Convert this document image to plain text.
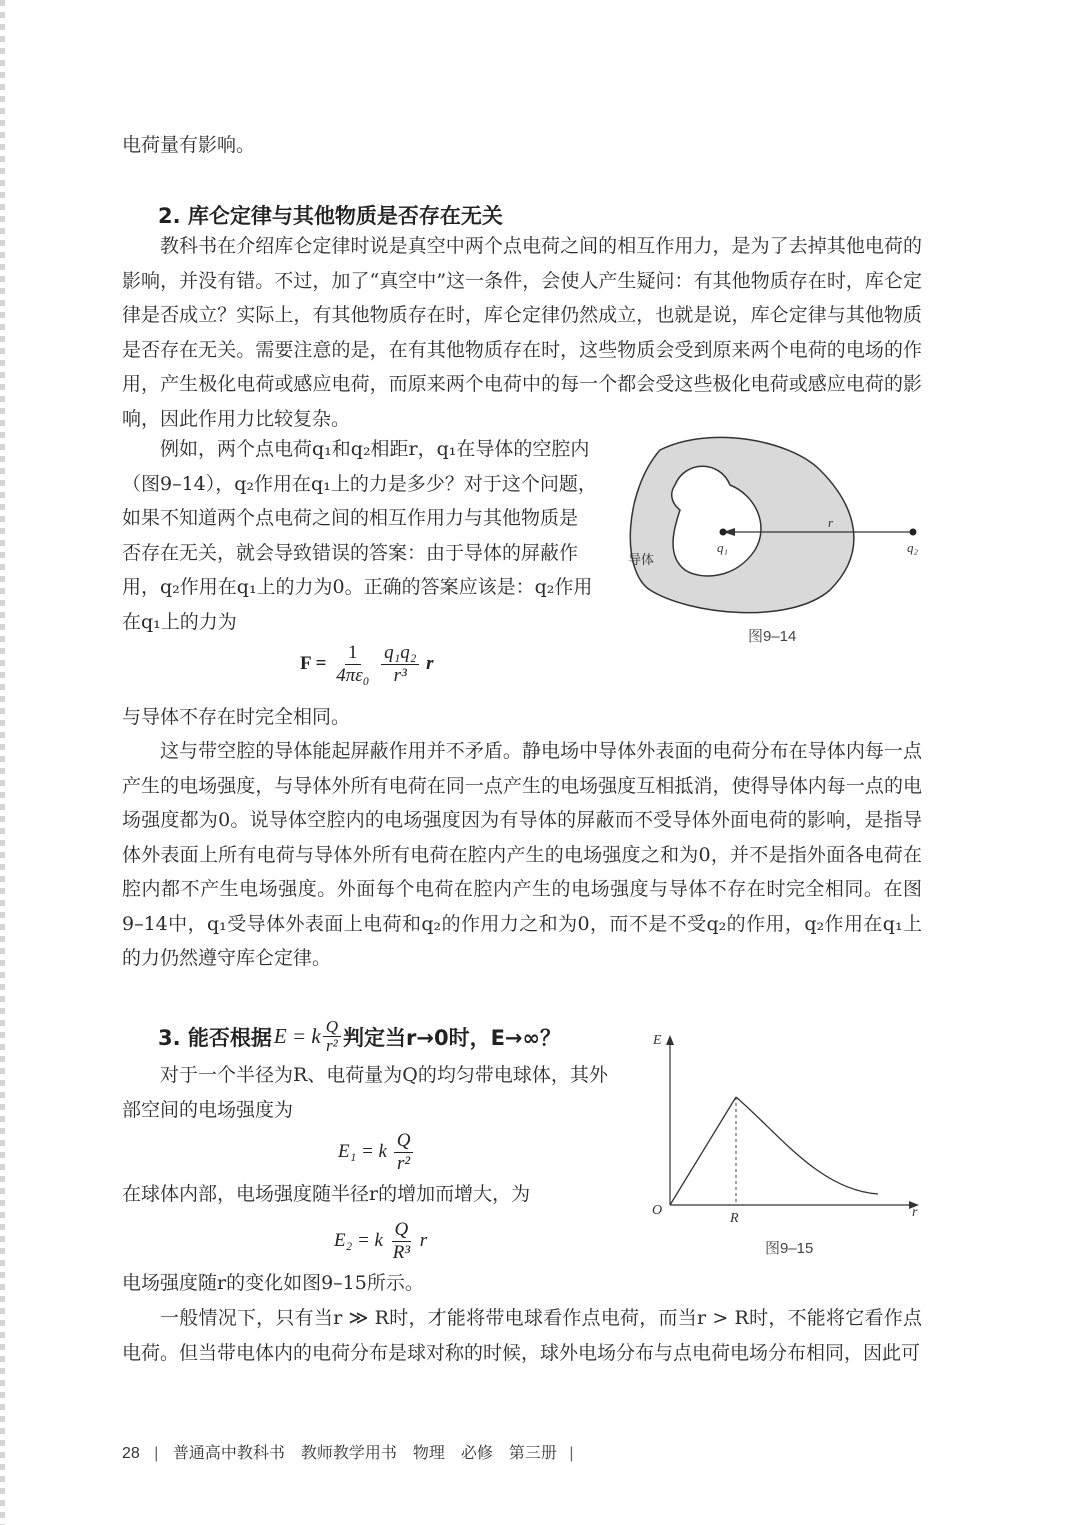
电荷量有影响。
2. 库仑定律与其他物质是否存在无关
教科书在介绍库仑定律时说是真空中两个点电荷之间的相互作用力，是为了去掉其他电荷的影响，并没有错。不过，加了“真空中”这一条件，会使人产生疑问：有其他物质存在时，库仑定律是否成立？实际上，有其他物质存在时，库仑定律仍然成立，也就是说，库仑定律与其他物质是否存在无关。需要注意的是，在有其他物质存在时，这些物质会受到原来两个电荷的电场的作用，产生极化电荷或感应电荷，而原来两个电荷中的每一个都会受这些极化电荷或感应电荷的影响，因此作用力比较复杂。
例如，两个点电荷q₁和q₂相距r，q₁在导体的空腔内
（图9–14），q₂作用在q₁上的力是多少？对于这个问题，
如果不知道两个点电荷之间的相互作用力与其他物质是
否存在无关，就会导致错误的答案：由于导体的屏蔽作
用，q₂作用在q₁上的力为0。正确的答案应该是：q₂作用
在q₁上的力为
$F = \frac{1}{\text{4πε₀}}$
$\frac{\text{q₁q₂}}{\text{r³}}$ r
与导体不存在时完全相同。
这与带空腔的导体能起屏蔽作用并不矛盾。静电场中导体外表面的电荷分布在导体内每一点产生的电场强度，与导体外所有电荷在同一点产生的电场强度互相抵消，使得导体内每一点的电场强度都为0。说导体空腔内的电场强度因为有导体的屏蔽而不受导体外面电荷的影响，是指导体外表面上所有电荷与导体外所有电荷在腔内产生的电场强度之和为0，并不是指外面各电荷在腔内都不产生电场强度。外面每个电荷在腔内产生的电场强度与导体不存在时完全相同。在图9–14中，q₁受导体外表面上电荷和q₂的作用力之和为0，而不是不受q₂的作用，q₂作用在q₁上的力仍然遵守库仑定律。
q₁	q₂
r
导体
图9–14
3. 能否根据 E = k $\frac{Q}{\text{r²}}$ 判定当r→0时，E→∞？
对于一个半径为R、电荷量为Q的均匀带电球体，其外
部空间的电场强度为
E₁ = k $\frac{Q}{\text{r²}}$
在球体内部，电场强度随半径r的增加而增大，为
E₂ = k $\frac{Q}{\text{R³}}$ r
电场强度随r的变化如图9–15所示。
一般情况下，只有当r ≫ R时，才能将带电球看作点电荷，而当r > R时，不能将它看作点电荷。但当带电体内的电荷分布是球对称的时候，球外电场分布与点电荷电场分布相同，因此可
E
r
O
R
图9–15
28 | 普通高中教科书　教师教学用书　物理　必修　第三册 |
